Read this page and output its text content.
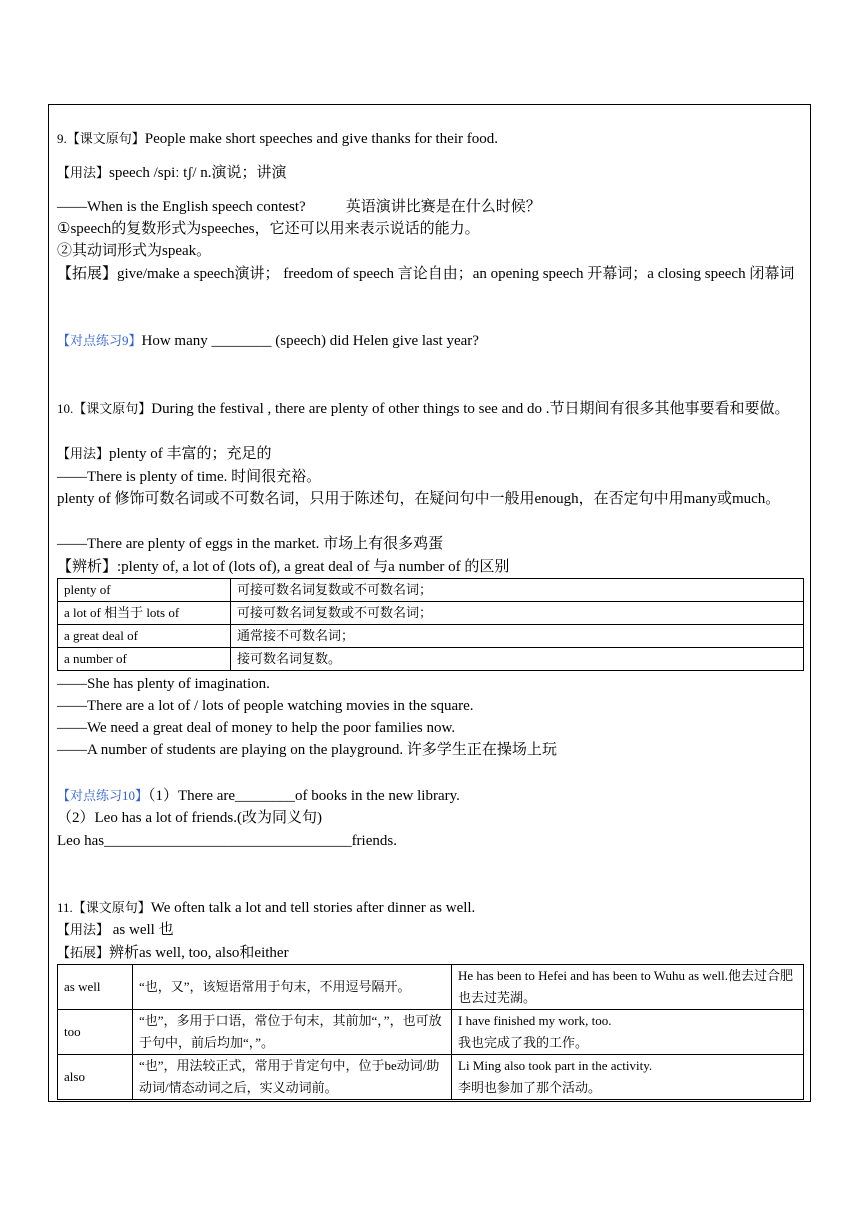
9.【课文原句】People make short speeches and give thanks for their food.
【用法】speech /spiː tʃ/ n.演说；讲演
——When is the English speech contest?	英语演讲比赛是在什么时候？
①speech的复数形式为speeches，它还可以用来表示说话的能力。
②其动词形式为speak。
【拓展】give/make a speech演讲； freedom of speech 言论自由；an opening speech 开幕词；a closing speech 闭幕词
【对点练习9】How many ________ (speech) did Helen give last year?
10.【课文原句】During the festival , there are plenty of other things to see and do .节日期间有很多其他事要看和要做。
【用法】plenty of 丰富的；充足的
——There is plenty of time. 时间很充裕。
plenty of 修饰可数名词或不可数名词，只用于陈述句，在疑问句中一般用enough，在否定句中用many或much。
——There are plenty of eggs in the market. 市场上有很多鸡蛋
【辨析】:plenty of, a lot of (lots of), a great deal of 与a number of 的区别
plenty of	可接可数名词复数或不可数名词；
a lot of 相当于 lots of	可接可数名词复数或不可数名词；
a great deal of	通常接不可数名词；
a number of	接可数名词复数。
——She has plenty of imagination.
——There are a lot of / lots of people watching movies in the square.
——We need a great deal of money to help the poor families now.
——A number of students are playing on the playground. 许多学生正在操场上玩
【对点练习10】（1）There are________of books in the new library.
（2）Leo has a lot of friends.(改为同义句)
Leo has_________________________________friends.
11.【课文原句】We often talk a lot and tell stories after dinner as well.
【用法】 as well 也
【拓展】辨析as well, too, also和either
as well	“也，又”，该短语常用于句末，不用逗号隔开。	He has been to Hefei and has been to Wuhu as well.他去过合肥也去过芜湖。
too	“也”，多用于口语，常位于句末，其前加“，”，也可放于句中，前后均加“，”。	I have finished my work, too.
我也完成了我的工作。
also	“也”，用法较正式，常用于肯定句中，位于be动词/助动词/情态动词之后，实义动词前。	Li Ming also took part in the activity.
李明也参加了那个活动。
